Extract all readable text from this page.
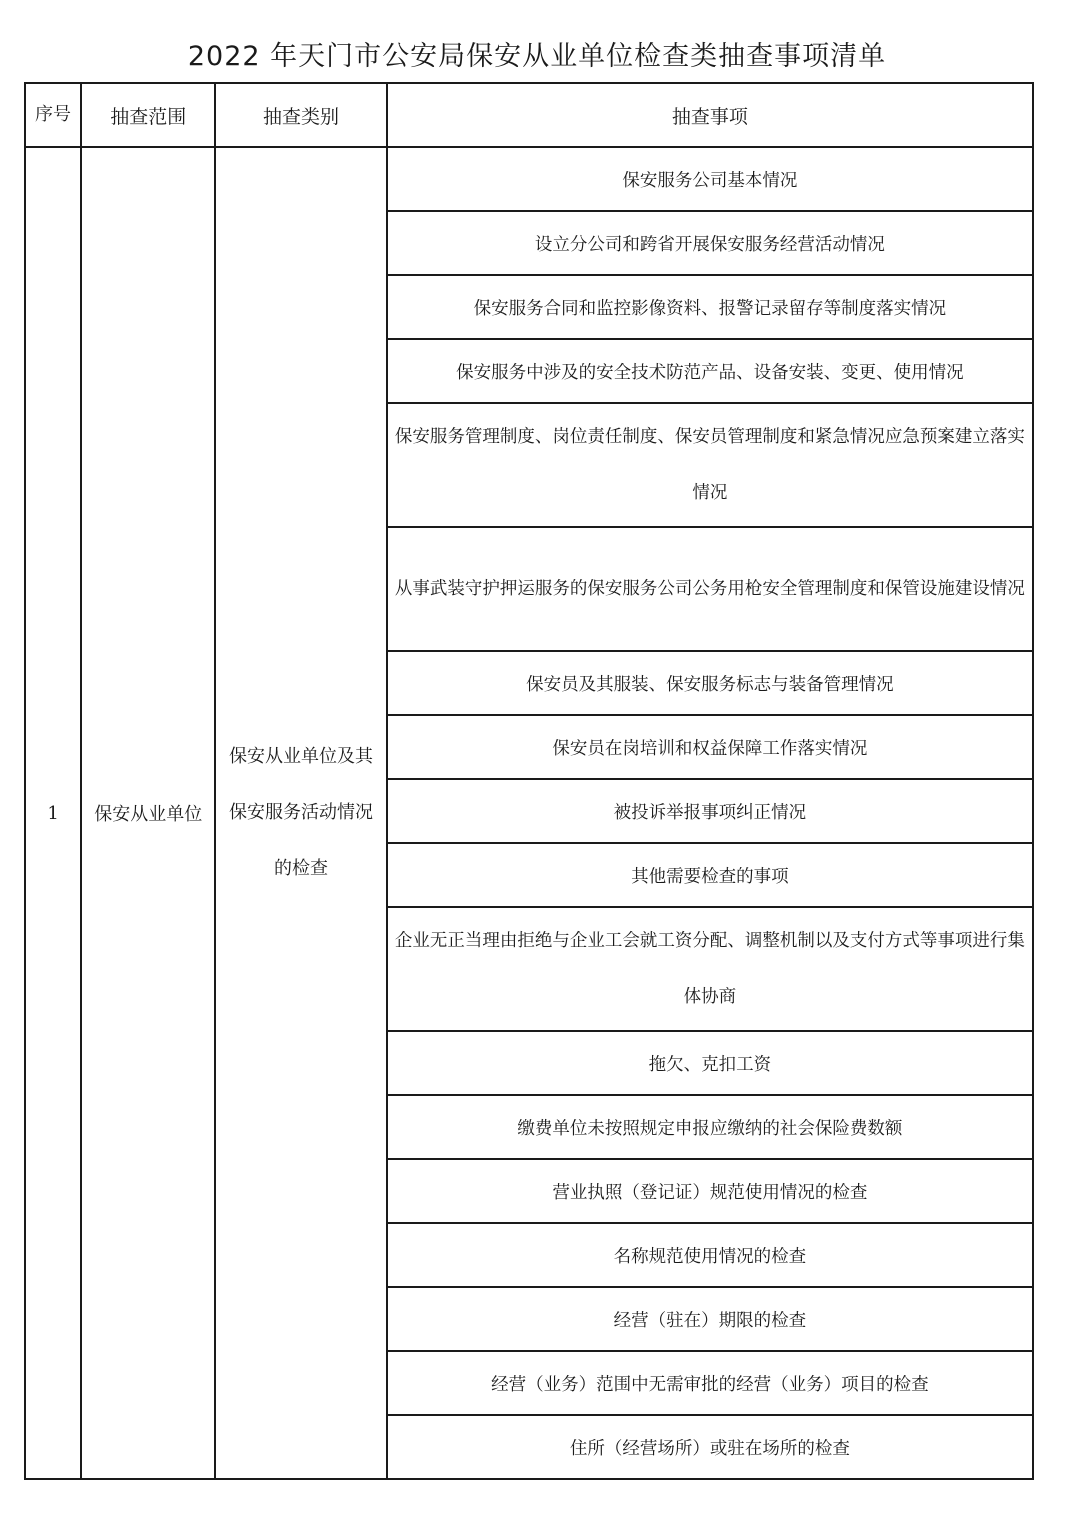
2022 年天门市公安局保安从业单位检查类抽查事项清单
序号	抽查范围	抽查类别	抽查事项
1	保安从业单位	保安从业单位及其保安服务活动情况的检查	保安服务公司基本情况
			设立分公司和跨省开展保安服务经营活动情况
			保安服务合同和监控影像资料、报警记录留存等制度落实情况
			保安服务中涉及的安全技术防范产品、设备安装、变更、使用情况
			保安服务管理制度、岗位责任制度、保安员管理制度和紧急情况应急预案建立落实情况
			从事武装守护押运服务的保安服务公司公务用枪安全管理制度和保管设施建设情况
			保安员及其服装、保安服务标志与装备管理情况
			保安员在岗培训和权益保障工作落实情况
			被投诉举报事项纠正情况
			其他需要检查的事项
			企业无正当理由拒绝与企业工会就工资分配、调整机制以及支付方式等事项进行集体协商
			拖欠、克扣工资
			缴费单位未按照规定申报应缴纳的社会保险费数额
			营业执照（登记证）规范使用情况的检查
			名称规范使用情况的检查
			经营（驻在）期限的检查
			经营（业务）范围中无需审批的经营（业务）项目的检查
			住所（经营场所）或驻在场所的检查
